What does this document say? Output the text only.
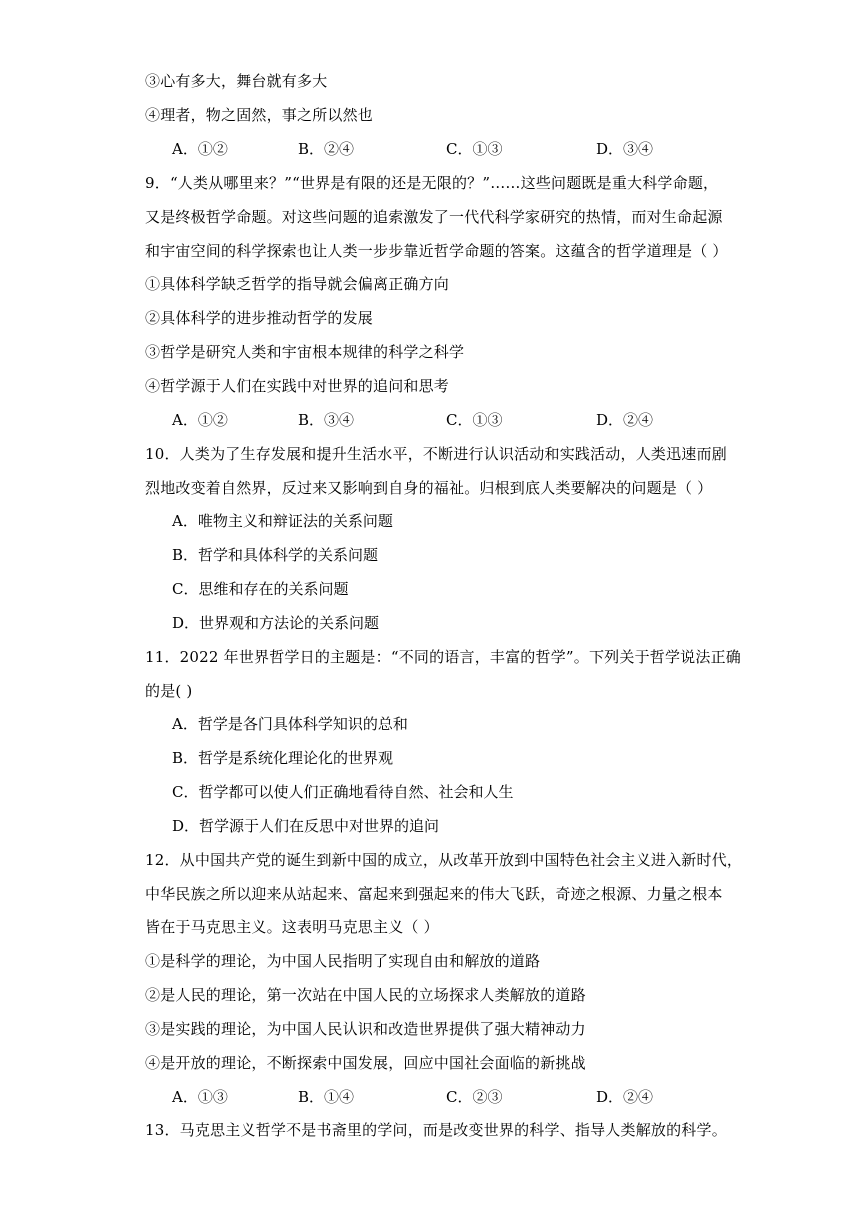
③心有多大，舞台就有多大
④理者，物之固然，事之所以然也
A．①②	B．②④	C．①③	D．③④
9．“人类从哪里来？”“世界是有限的还是无限的？”……这些问题既是重大科学命题，
又是终极哲学命题。对这些问题的追索激发了一代代科学家研究的热情，而对生命起源
和宇宙空间的科学探索也让人类一步步靠近哲学命题的答案。这蕴含的哲学道理是（ ）
①具体科学缺乏哲学的指导就会偏离正确方向
②具体科学的进步推动哲学的发展
③哲学是研究人类和宇宙根本规律的科学之科学
④哲学源于人们在实践中对世界的追问和思考
A．①②	B．③④	C．①③	D．②④
10．人类为了生存发展和提升生活水平，不断进行认识活动和实践活动，人类迅速而剧
烈地改变着自然界，反过来又影响到自身的福祉。归根到底人类要解决的问题是（ ）
A．唯物主义和辩证法的关系问题
B．哲学和具体科学的关系问题
C．思维和存在的关系问题
D．世界观和方法论的关系问题
11．2022 年世界哲学日的主题是：“不同的语言，丰富的哲学”。下列关于哲学说法正确
的是( )
A．哲学是各门具体科学知识的总和
B．哲学是系统化理论化的世界观
C．哲学都可以使人们正确地看待自然、社会和人生
D．哲学源于人们在反思中对世界的追问
12．从中国共产党的诞生到新中国的成立，从改革开放到中国特色社会主义进入新时代，
中华民族之所以迎来从站起来、富起来到强起来的伟大飞跃，奇迹之根源、力量之根本
皆在于马克思主义。这表明马克思主义（ ）
①是科学的理论，为中国人民指明了实现自由和解放的道路
②是人民的理论，第一次站在中国人民的立场探求人类解放的道路
③是实践的理论，为中国人民认识和改造世界提供了强大精神动力
④是开放的理论，不断探索中国发展，回应中国社会面临的新挑战
A．①③	B．①④	C．②③	D．②④
13．马克思主义哲学不是书斋里的学问，而是改变世界的科学、指导人类解放的科学。
